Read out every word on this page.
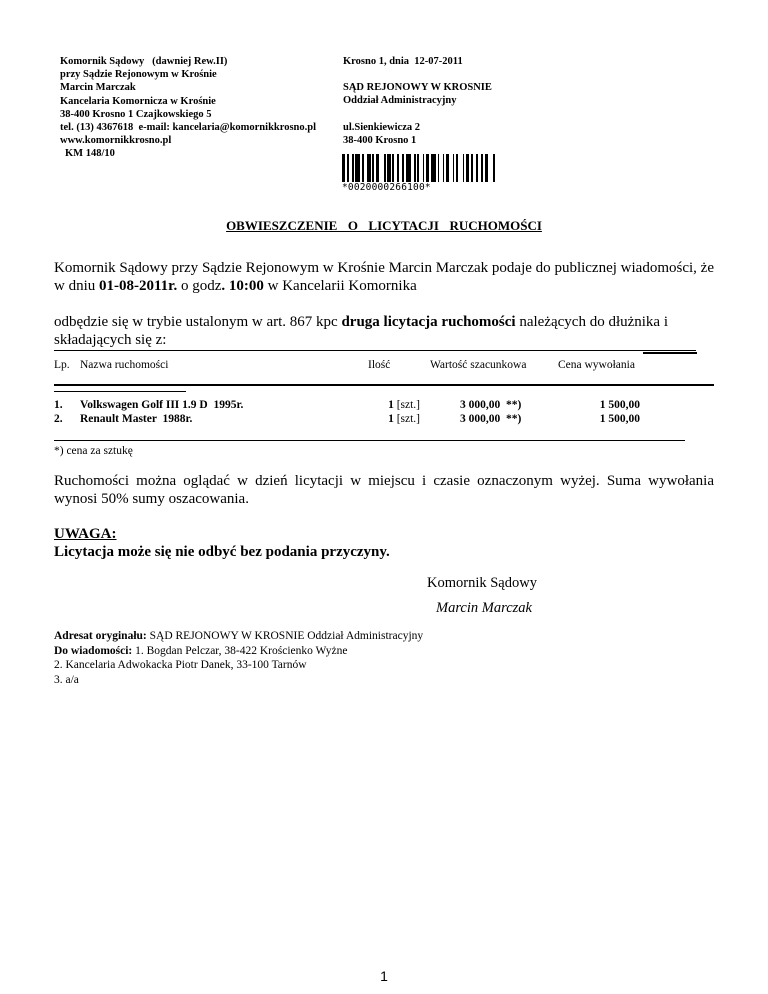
Komornik Sądowy   (dawniej Rew.II)
przy Sądzie Rejonowym w Krośnie
Marcin Marczak
Kancelaria Komornicza w Krośnie
38-400 Krosno 1 Czajkowskiego 5
tel. (13) 4367618  e-mail: kancelaria@komornikkrosno.pl
www.komornikkrosno.pl
KM 148/10
Krosno 1, dnia  12-07-2011
SĄD REJONOWY W KROSNIE
Oddział Administracyjny
ul.Sienkiewicza 2
38-400 Krosno 1
*0020000266100*
OBWIESZCZENIE  O  LICYTACJI  RUCHOMOŚCI
Komornik Sądowy przy Sądzie Rejonowym w Krośnie Marcin Marczak podaje do publicznej wiadomości, że w dniu 01-08-2011r. o godz. 10:00 w Kancelarii Komornika
odbędzie się w trybie ustalonym w art. 867 kpc druga licytacja ruchomości należących do dłużnika i składających się z:
Lp. Nazwa ruchomości	Ilość	Wartość szacunkowa	Cena wywołania
1. Volkswagen Golf III 1.9 D  1995r.	1 [szt.]	3 000,00  **)	1 500,00
2. Renault Master  1988r.	1 [szt.]	3 000,00  **)	1 500,00
*) cena za sztukę
Ruchomości można oglądać w dzień licytacji w miejscu i czasie oznaczonym wyżej. Suma wywołania wynosi 50% sumy oszacowania.
UWAGA:
Licytacja może się nie odbyć bez podania przyczyny.
Komornik Sądowy
Marcin Marczak
Adresat oryginału: SĄD REJONOWY W KROSNIE Oddział Administracyjny
Do wiadomości: 1. Bogdan Pelczar, 38-422 Krościenko Wyżne
2. Kancelaria Adwokacka Piotr Danek, 33-100 Tarnów
3. a/a
1
